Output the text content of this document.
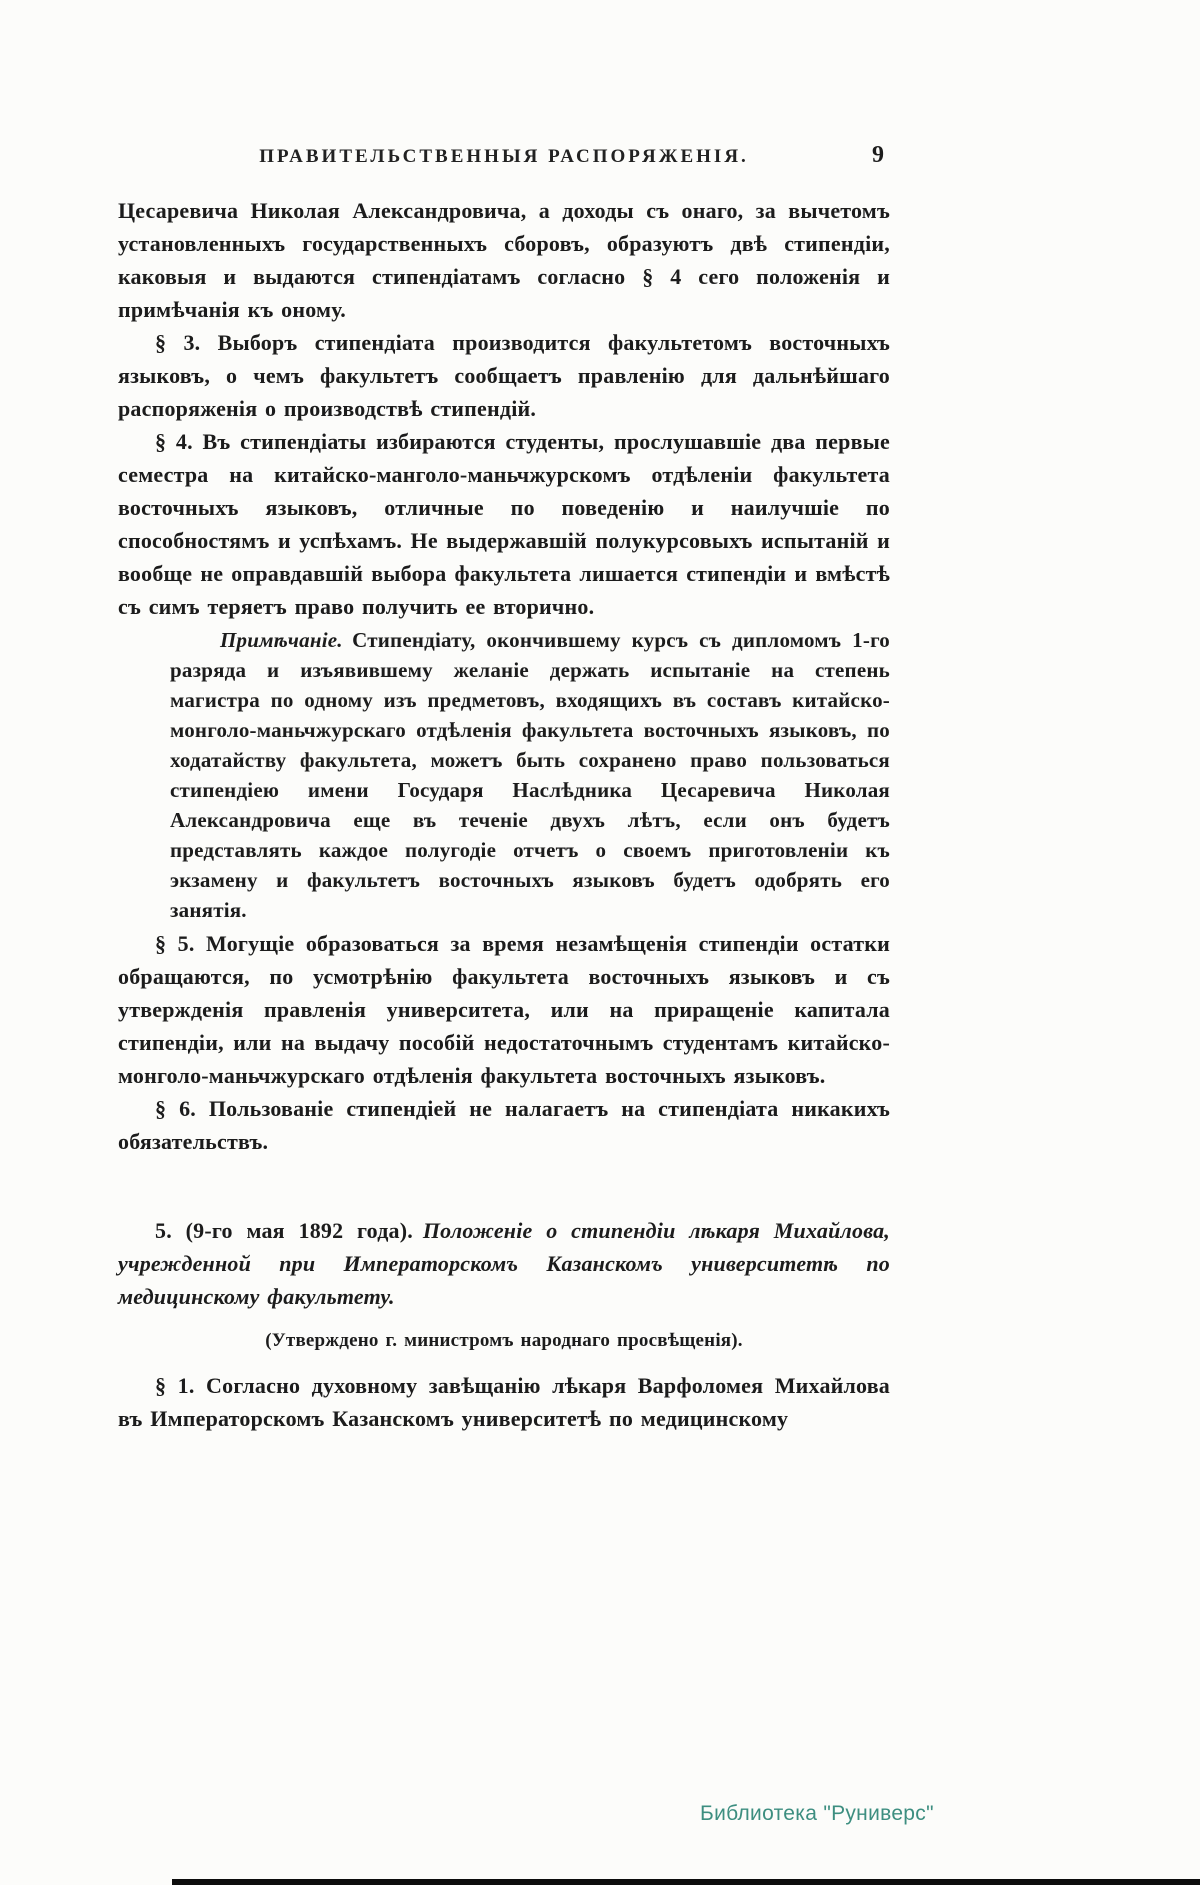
ПРАВИТЕЛЬСТВЕННЫЯ РАСПОРЯЖЕНІЯ.	9

Цесаревича Николая Александровича, а доходы съ онаго, за вычетомъ установленныхъ государственныхъ сборовъ, образуютъ двѣ стипендіи, каковыя и выдаются стипендіатамъ согласно § 4 сего положенія и примѣчанія къ оному.

§ 3. Выборъ стипендіата производится факультетомъ восточныхъ языковъ, о чемъ факультетъ сообщаетъ правленію для дальнѣйшаго распоряженія о производствѣ стипендій.

§ 4. Въ стипендіаты избираются студенты, прослушавшіе два первые семестра на китайско-манголо-маньчжурскомъ отдѣленіи факультета восточныхъ языковъ, отличные по поведенію и наилучшіе по способностямъ и успѣхамъ. Не выдержавшій полукурсовыхъ испытаній и вообще не оправдавшій выбора факультета лишается стипендіи и вмѣстѣ съ симъ теряетъ право получить ее вторично.

Примѣчаніе. Стипендіату, окончившему курсъ съ дипломомъ 1-го разряда и изъявившему желаніе держать испытаніе на степень магистра по одному изъ предметовъ, входящихъ въ составъ китайско-монголо-маньчжурскаго отдѣленія факультета восточныхъ языковъ, по ходатайству факультета, можетъ быть сохранено право пользоваться стипендіею имени Государя Наслѣдника Цесаревича Николая Александровича еще въ теченіе двухъ лѣтъ, если онъ будетъ представлять каждое полугодіе отчетъ о своемъ приготовленіи къ экзамену и факультетъ восточныхъ языковъ будетъ одобрять его занятія.

§ 5. Могущіе образоваться за время незамѣщенія стипендіи остатки обращаются, по усмотрѣнію факультета восточныхъ языковъ и съ утвержденія правленія университета, или на приращеніе капитала стипендіи, или на выдачу пособій недостаточнымъ студентамъ китайско-монголо-маньчжурскаго отдѣленія факультета восточныхъ языковъ.

§ 6. Пользованіе стипендіей не налагаетъ на стипендіата никакихъ обязательствъ.

5. (9-го мая 1892 года). Положеніе о стипендіи лѣкаря Михайлова, учрежденной при Императорскомъ Казанскомъ университетѣ по медицинскому факультету.

(Утверждено г. министромъ народнаго просвѣщенія).

§ 1. Согласно духовному завѣщанію лѣкаря Варфоломея Михайлова въ Императорскомъ Казанскомъ университетѣ по медицинскому

Библиотека "Руниверс"
